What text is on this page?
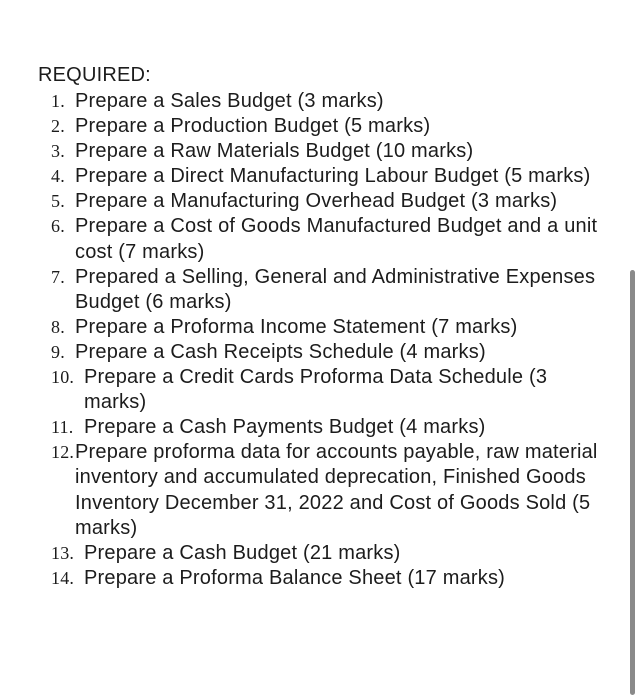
REQUIRED:
1. Prepare a Sales Budget (3 marks)
2. Prepare a Production Budget (5 marks)
3. Prepare a Raw Materials Budget (10 marks)
4. Prepare a Direct Manufacturing Labour Budget (5 marks)
5. Prepare a Manufacturing Overhead Budget (3 marks)
6. Prepare a Cost of Goods Manufactured Budget and a unit cost (7 marks)
7. Prepared a Selling, General and Administrative Expenses Budget (6 marks)
8. Prepare a Proforma Income Statement (7 marks)
9. Prepare a Cash Receipts Schedule (4 marks)
10. Prepare a Credit Cards Proforma Data Schedule (3 marks)
11. Prepare a Cash Payments Budget (4 marks)
12. Prepare proforma data for accounts payable, raw material inventory and accumulated deprecation, Finished Goods Inventory December 31, 2022 and Cost of Goods Sold (5 marks)
13. Prepare a Cash Budget (21 marks)
14. Prepare a Proforma Balance Sheet (17 marks)
